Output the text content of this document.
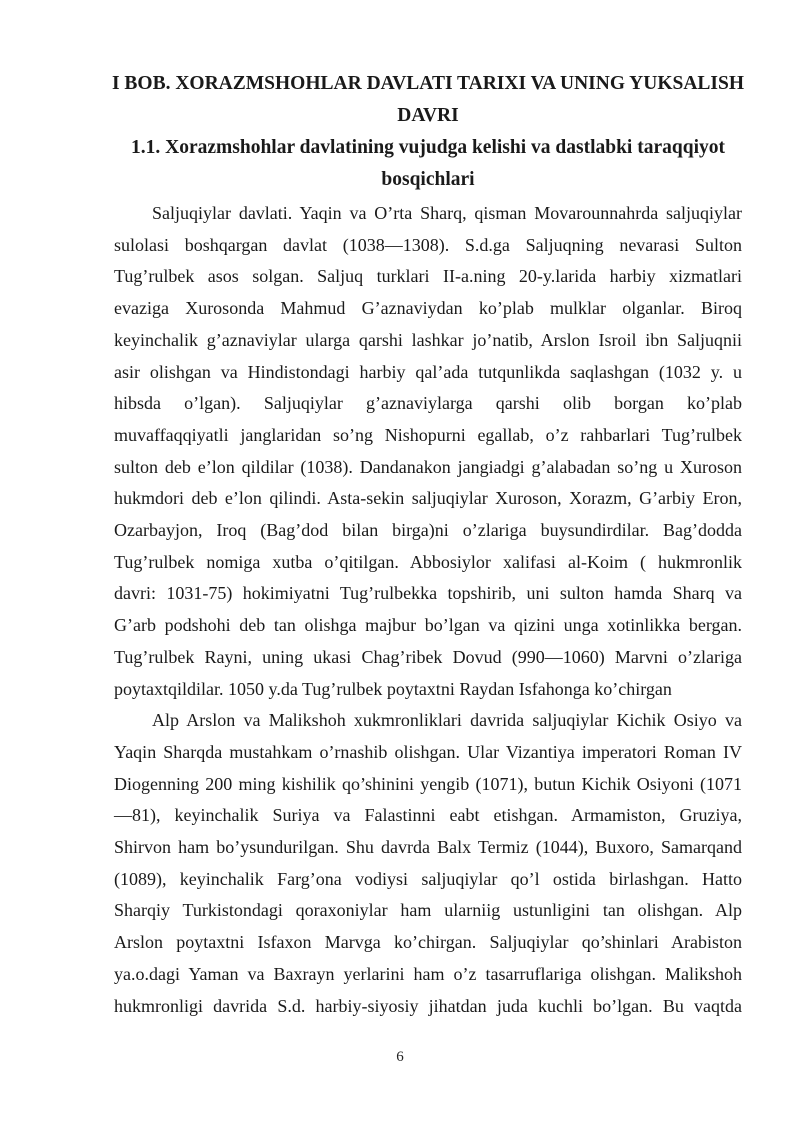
I BOB. XORAZMSHOHLAR DAVLATI TARIXI VA UNING YUKSALISH
DAVRI
1.1. Xorazmshohlar davlatining vujudga kelishi va dastlabki taraqqiyot
bosqichlari
Saljuqiylar davlati. Yaqin va O’rta Sharq, qisman Movarounnahrda saljuqiylar
sulolasi boshqargan davlat (1038—1308). S.d.ga Saljuqning nevarasi Sulton
Tug’rulbek asos solgan. Saljuq turklari II-a.ning 20-y.larida harbiy xizmatlari
evaziga Xurosonda Mahmud G’aznaviydan ko’plab mulklar olganlar. Biroq
keyinchalik g’aznaviylar ularga qarshi lashkar jo’natib, Arslon Isroil ibn Saljuqnii
asir olishgan va Hindistondagi harbiy qal’ada tutqunlikda saqlashgan (1032 y. u
hibsda o’lgan). Saljuqiylar g’aznaviylarga qarshi olib borgan ko’plab
muvaffaqqiyatli janglaridan so’ng Nishopurni egallab, o’z rahbarlari Tug’rulbek
sulton deb e’lon qildilar (1038). Dandanakon jangiadgi g’alabadan so’ng u Xuroson
hukmdori deb e’lon qilindi. Asta-sekin saljuqiylar Xuroson, Xorazm, G’arbiy Eron,
Ozarbayjon, Iroq (Bag’dod bilan birga)ni o’zlariga buysundirdilar. Bag’dodda
Tug’rulbek nomiga xutba o’qitilgan. Abbosiylor xalifasi al-Koim ( hukmronlik
davri: 1031-75) hokimiyatni Tug’rulbekka topshirib, uni sulton hamda Sharq va
G’arb podshohi deb tan olishga majbur bo’lgan va qizini unga xotinlikka bergan.
Tug’rulbek Rayni, uning ukasi Chag’ribek Dovud (990—1060) Marvni o’zlariga
poytaxtqildilar. 1050 y.da Tug’rulbek poytaxtni Raydan Isfahonga ko’chirgan
Alp Arslon va Malikshoh xukmronliklari davrida saljuqiylar Kichik Osiyo va
Yaqin Sharqda mustahkam o’rnashib olishgan. Ular Vizantiya imperatori Roman IV
Diogenning 200 ming kishilik qo’shinini yengib (1071), butun Kichik Osiyoni (1071
—81), keyinchalik Suriya va Falastinni eabt etishgan. Armamiston, Gruziya,
Shirvon ham bo’ysundurilgan. Shu davrda Balx Termiz (1044), Buxoro, Samarqand
(1089), keyinchalik Farg’ona vodiysi saljuqiylar qo’l ostida birlashgan. Hatto
Sharqiy Turkistondagi qoraxoniylar ham ularniig ustunligini tan olishgan. Alp
Arslon poytaxtni Isfaxon Marvga ko’chirgan. Saljuqiylar qo’shinlari Arabiston
ya.o.dagi Yaman va Baxrayn yerlarini ham o’z tasarruflariga olishgan. Malikshoh
hukmronligi davrida S.d. harbiy-siyosiy jihatdan juda kuchli bo’lgan. Bu vaqtda
6
